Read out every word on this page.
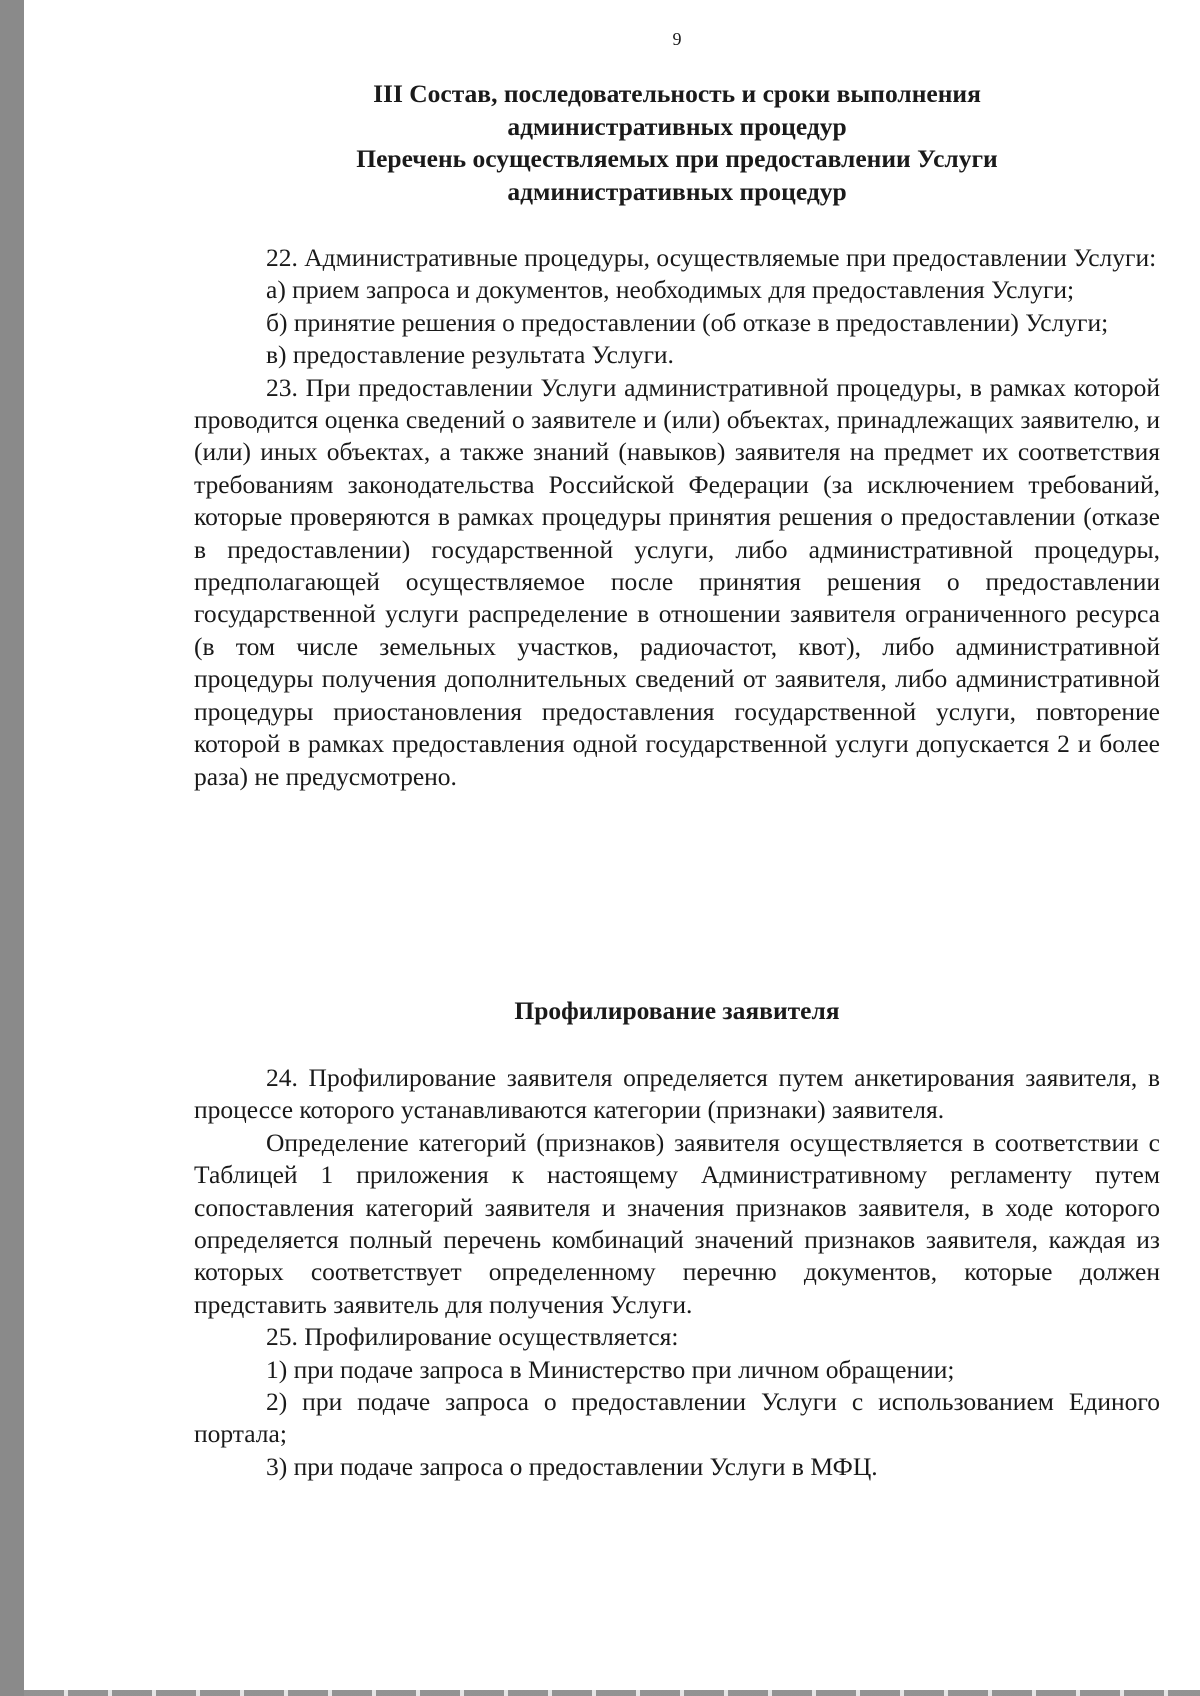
9
III Состав, последовательность и сроки выполнения
административных процедур
Перечень осуществляемых при предоставлении Услуги
административных процедур

22. Административные процедуры, осуществляемые при предоставлении Услуги:

а) прием запроса и документов, необходимых для предоставления Услуги;

б) принятие решения о предоставлении (об отказе в предоставлении) Услуги;

в) предоставление результата Услуги.

23. При предоставлении Услуги административной процедуры, в рамках которой проводится оценка сведений о заявителе и (или) объектах, принадлежащих заявителю, и (или) иных объектах, а также знаний (навыков) заявителя на предмет их соответствия требованиям законодательства Российской Федерации (за исключением требований, которые проверяются в рамках процедуры принятия решения о предоставлении (отказе в предоставлении) государственной услуги, либо административной процедуры, предполагающей осуществляемое после принятия решения о предоставлении государственной услуги распределение в отношении заявителя ограниченного ресурса (в том числе земельных участков, радиочастот, квот), либо административной процедуры получения дополнительных сведений от заявителя, либо административной процедуры приостановления предоставления государственной услуги, повторение которой в рамках предоставления одной государственной услуги допускается 2 и более раза) не предусмотрено.

Профилирование заявителя

24. Профилирование заявителя определяется путем анкетирования заявителя, в процессе которого устанавливаются категории (признаки) заявителя.

Определение категорий (признаков) заявителя осуществляется в соответствии с Таблицей 1 приложения к настоящему Административному регламенту путем сопоставления категорий заявителя и значения признаков заявителя, в ходе которого определяется полный перечень комбинаций значений признаков заявителя, каждая из которых соответствует определенному перечню документов, которые должен представить заявитель для получения Услуги.

25. Профилирование осуществляется:

1) при подаче запроса в Министерство при личном обращении;

2) при подаче запроса о предоставлении Услуги с использованием Единого портала;

3) при подаче запроса о предоставлении Услуги в МФЦ.
